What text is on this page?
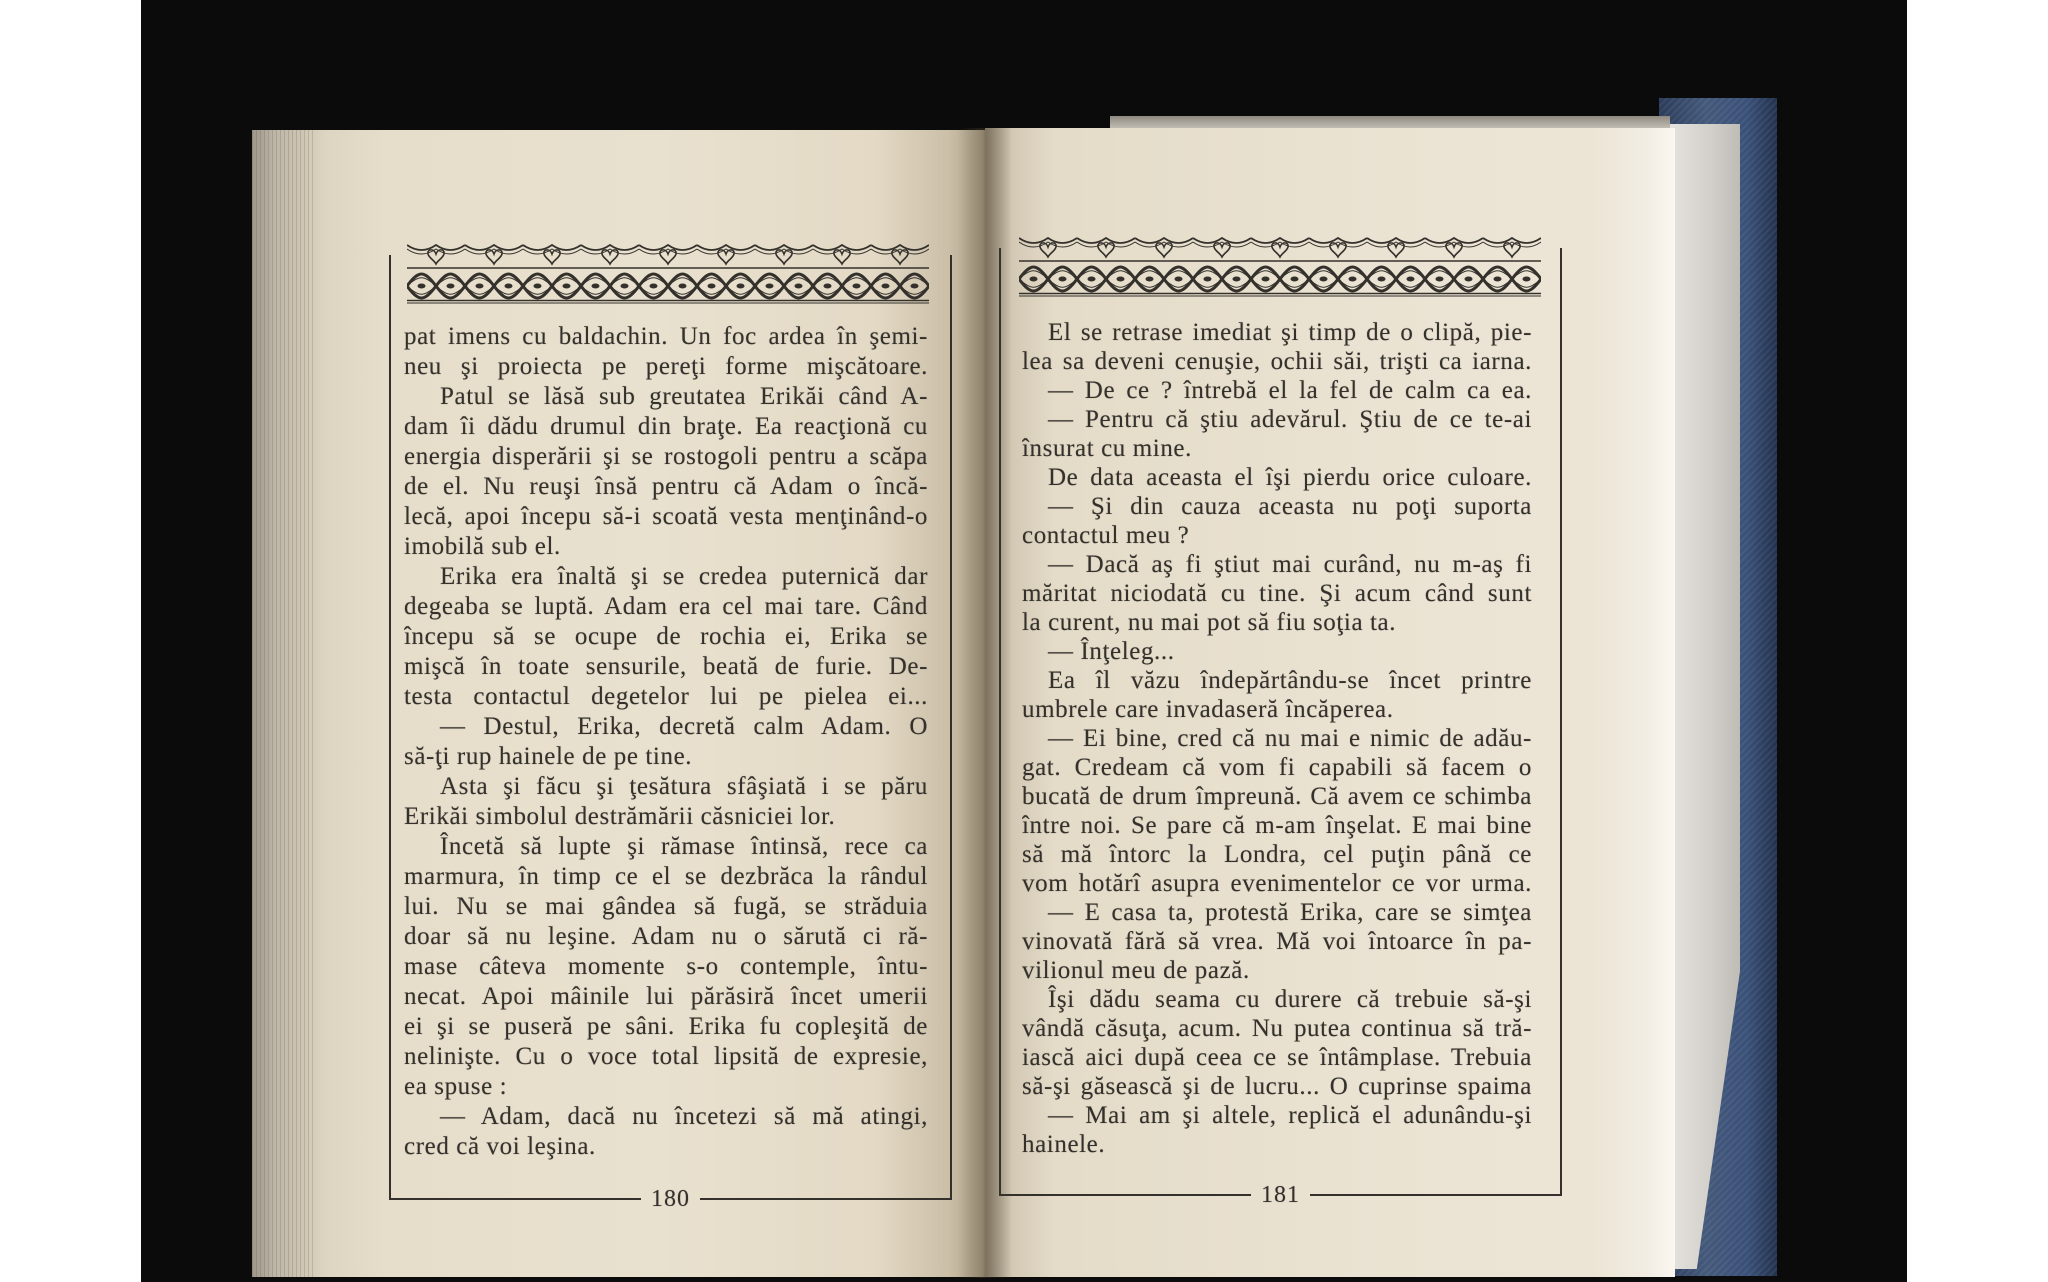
pat imens cu baldachin. Un foc ardea în şemi-
neu şi proiecta pe pereţi forme mişcătoare.
Patul se lăsă sub greutatea Erikăi când A-
dam îi dădu drumul din braţe. Ea reacţionă cu
energia disperării şi se rostogoli pentru a scăpa
de el. Nu reuşi însă pentru că Adam o încă-
lecă, apoi începu să-i scoată vesta menţinând-o
imobilă sub el.
Erika era înaltă şi se credea puternică dar
degeaba se luptă. Adam era cel mai tare. Când
începu să se ocupe de rochia ei, Erika se
mişcă în toate sensurile, beată de furie. De-
testa contactul degetelor lui pe pielea ei...
— Destul, Erika, decretă calm Adam. O
să-ţi rup hainele de pe tine.
Asta şi făcu şi ţesătura sfâşiată i se păru
Erikăi simbolul destrămării căsniciei lor.
Încetă să lupte şi rămase întinsă, rece ca
marmura, în timp ce el se dezbrăca la rândul
lui. Nu se mai gândea să fugă, se străduia
doar să nu leşine. Adam nu o sărută ci ră-
mase câteva momente s-o contemple, întu-
necat. Apoi mâinile lui părăsiră încet umerii
ei şi se puseră pe sâni. Erika fu copleşită de
nelinişte. Cu o voce total lipsită de expresie,
ea spuse :
— Adam, dacă nu încetezi să mă atingi,
cred că voi leşina.
180
El se retrase imediat şi timp de o clipă, pie-
lea sa deveni cenuşie, ochii săi, trişti ca iarna.
— De ce ? întrebă el la fel de calm ca ea.
— Pentru că ştiu adevărul. Ştiu de ce te-ai
însurat cu mine.
De data aceasta el îşi pierdu orice culoare.
— Şi din cauza aceasta nu poţi suporta
contactul meu ?
— Dacă aş fi ştiut mai curând, nu m-aş fi
măritat niciodată cu tine. Şi acum când sunt
la curent, nu mai pot să fiu soţia ta.
— Înţeleg...
Ea îl văzu îndepărtându-se încet printre
umbrele care invadaseră încăperea.
— Ei bine, cred că nu mai e nimic de adău-
gat. Credeam că vom fi capabili să facem o
bucată de drum împreună. Că avem ce schimba
între noi. Se pare că m-am înşelat. E mai bine
să mă întorc la Londra, cel puţin până ce
vom hotărî asupra evenimentelor ce vor urma.
— E casa ta, protestă Erika, care se simţea
vinovată fără să vrea. Mă voi întoarce în pa-
vilionul meu de pază.
Îşi dădu seama cu durere că trebuie să-şi
vândă căsuţa, acum. Nu putea continua să tră-
iască aici după ceea ce se întâmplase. Trebuia
să-şi găsească şi de lucru... O cuprinse spaima
— Mai am şi altele, replică el adunându-şi
hainele.
181
